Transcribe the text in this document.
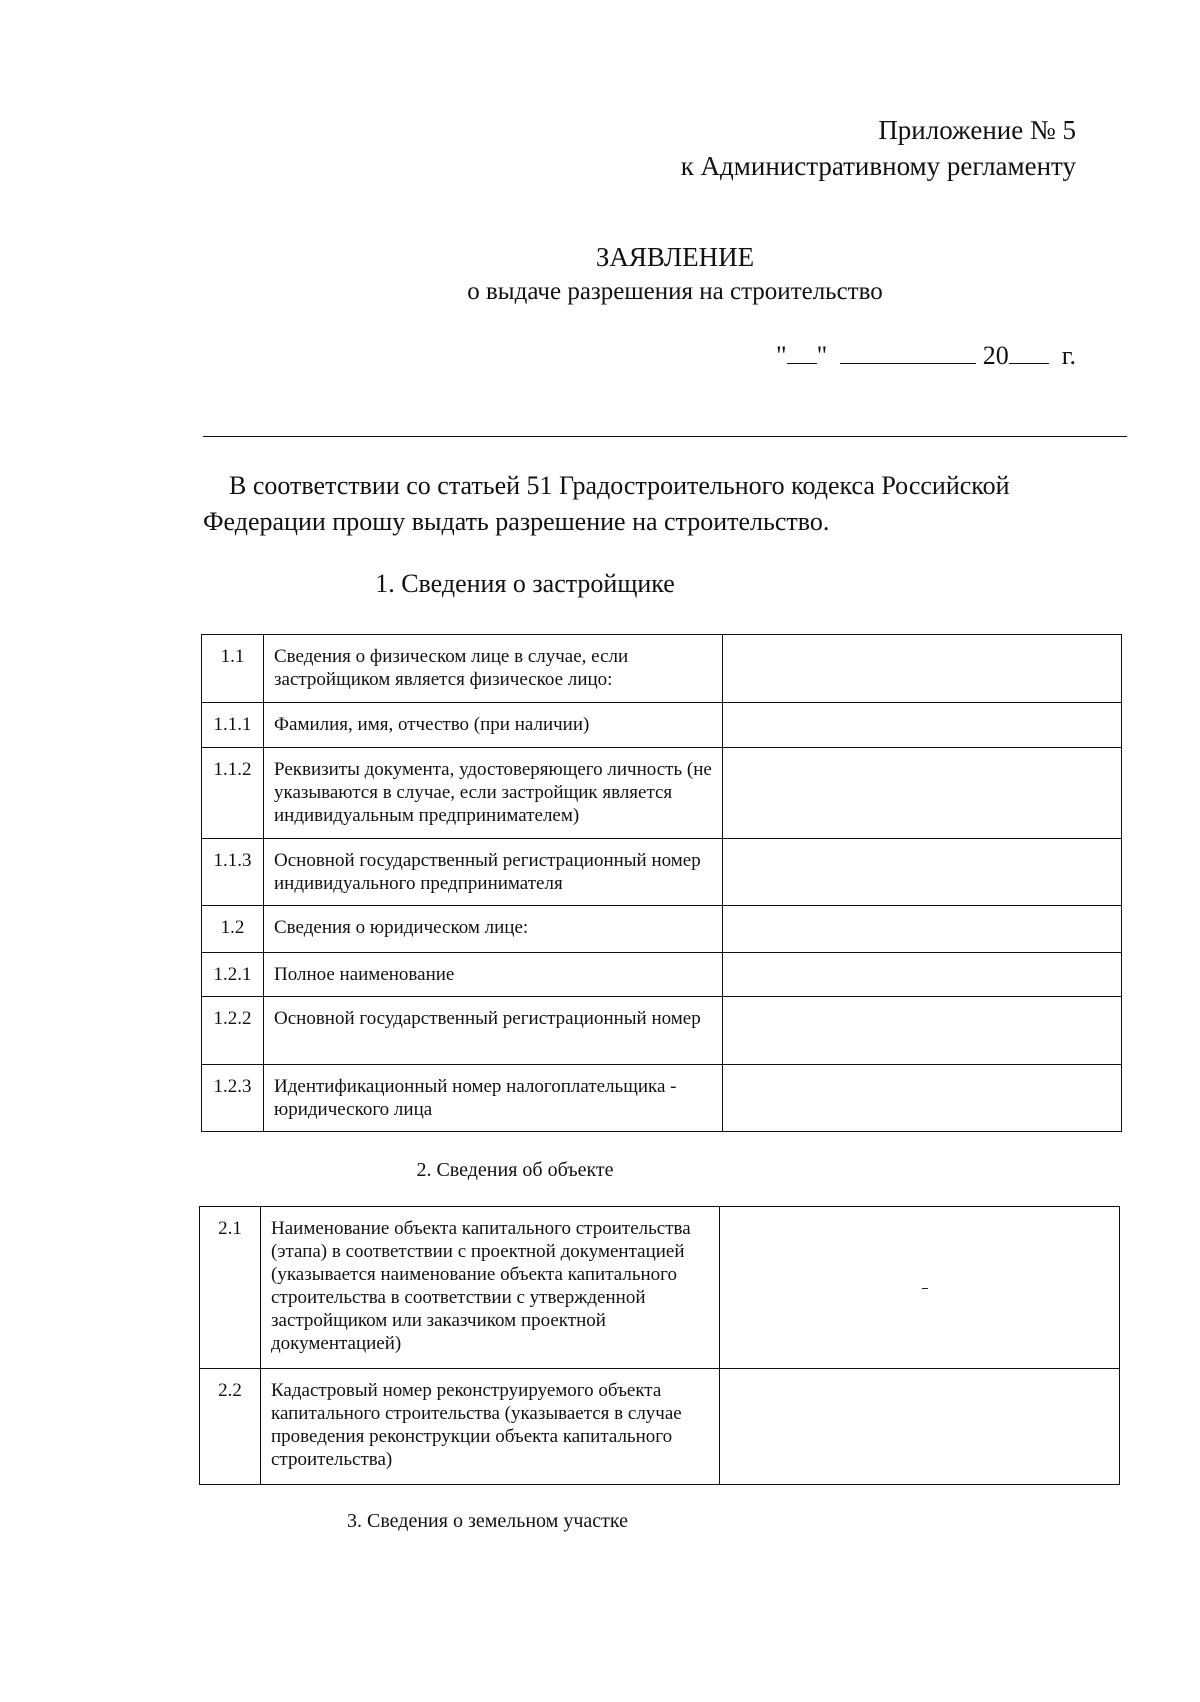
Приложение № 5
к Административному регламенту
ЗАЯВЛЕНИЕ
о выдаче разрешения на строительство
" "	20 г.
В соответствии со статьей 51 Градостроительного кодекса Российской Федерации прошу выдать разрешение на строительство.
1. Сведения о застройщике
1.1	Сведения о физическом лице в случае, если застройщиком является физическое лицо:	
1.1.1	Фамилия, имя, отчество (при наличии)	
1.1.2	Реквизиты документа, удостоверяющего личность (не указываются в случае, если застройщик является индивидуальным предпринимателем)	
1.1.3	Основной государственный регистрационный номер индивидуального предпринимателя	
1.2	Сведения о юридическом лице:	
1.2.1	Полное наименование	
1.2.2	Основной государственный регистрационный номер	
1.2.3	Идентификационный номер налогоплательщика - юридического лица	
2. Сведения об объекте
2.1	Наименование объекта капитального строительства (этапа) в соответствии с проектной документацией (указывается наименование объекта капитального строительства в соответствии с утвержденной застройщиком или заказчиком проектной документацией)	
2.2	Кадастровый номер реконструируемого объекта капитального строительства (указывается в случае проведения реконструкции объекта капитального строительства)	
3. Сведения о земельном участке
